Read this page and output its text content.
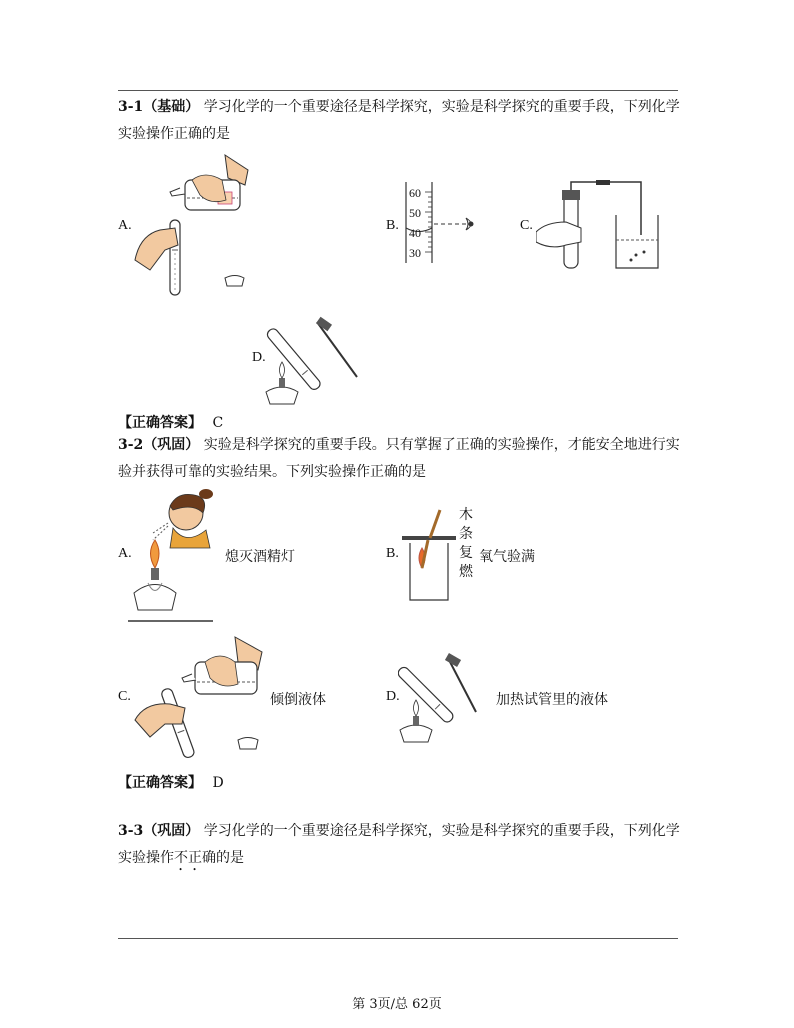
3-1（基础） 学习化学的一个重要途径是科学探究，实验是科学探究的重要手段，下列化学实验操作正确的是
A.	B.
60
50
40
30
C.
D.
【正确答案】 C
3-2（巩固） 实验是科学探究的重要手段。只有掌握了正确的实验操作，才能安全地进行实验并获得可靠的实验结果。下列实验操作正确的是
A.	熄灭酒精灯	B.
木
条
复
燃
氧气验满
C.	倾倒液体	D.	加热试管里的液体
【正确答案】 D
3-3（巩固） 学习化学的一个重要途径是科学探究，实验是科学探究的重要手段，下列化学实验操作不正确的是
第 3页/总 62页
